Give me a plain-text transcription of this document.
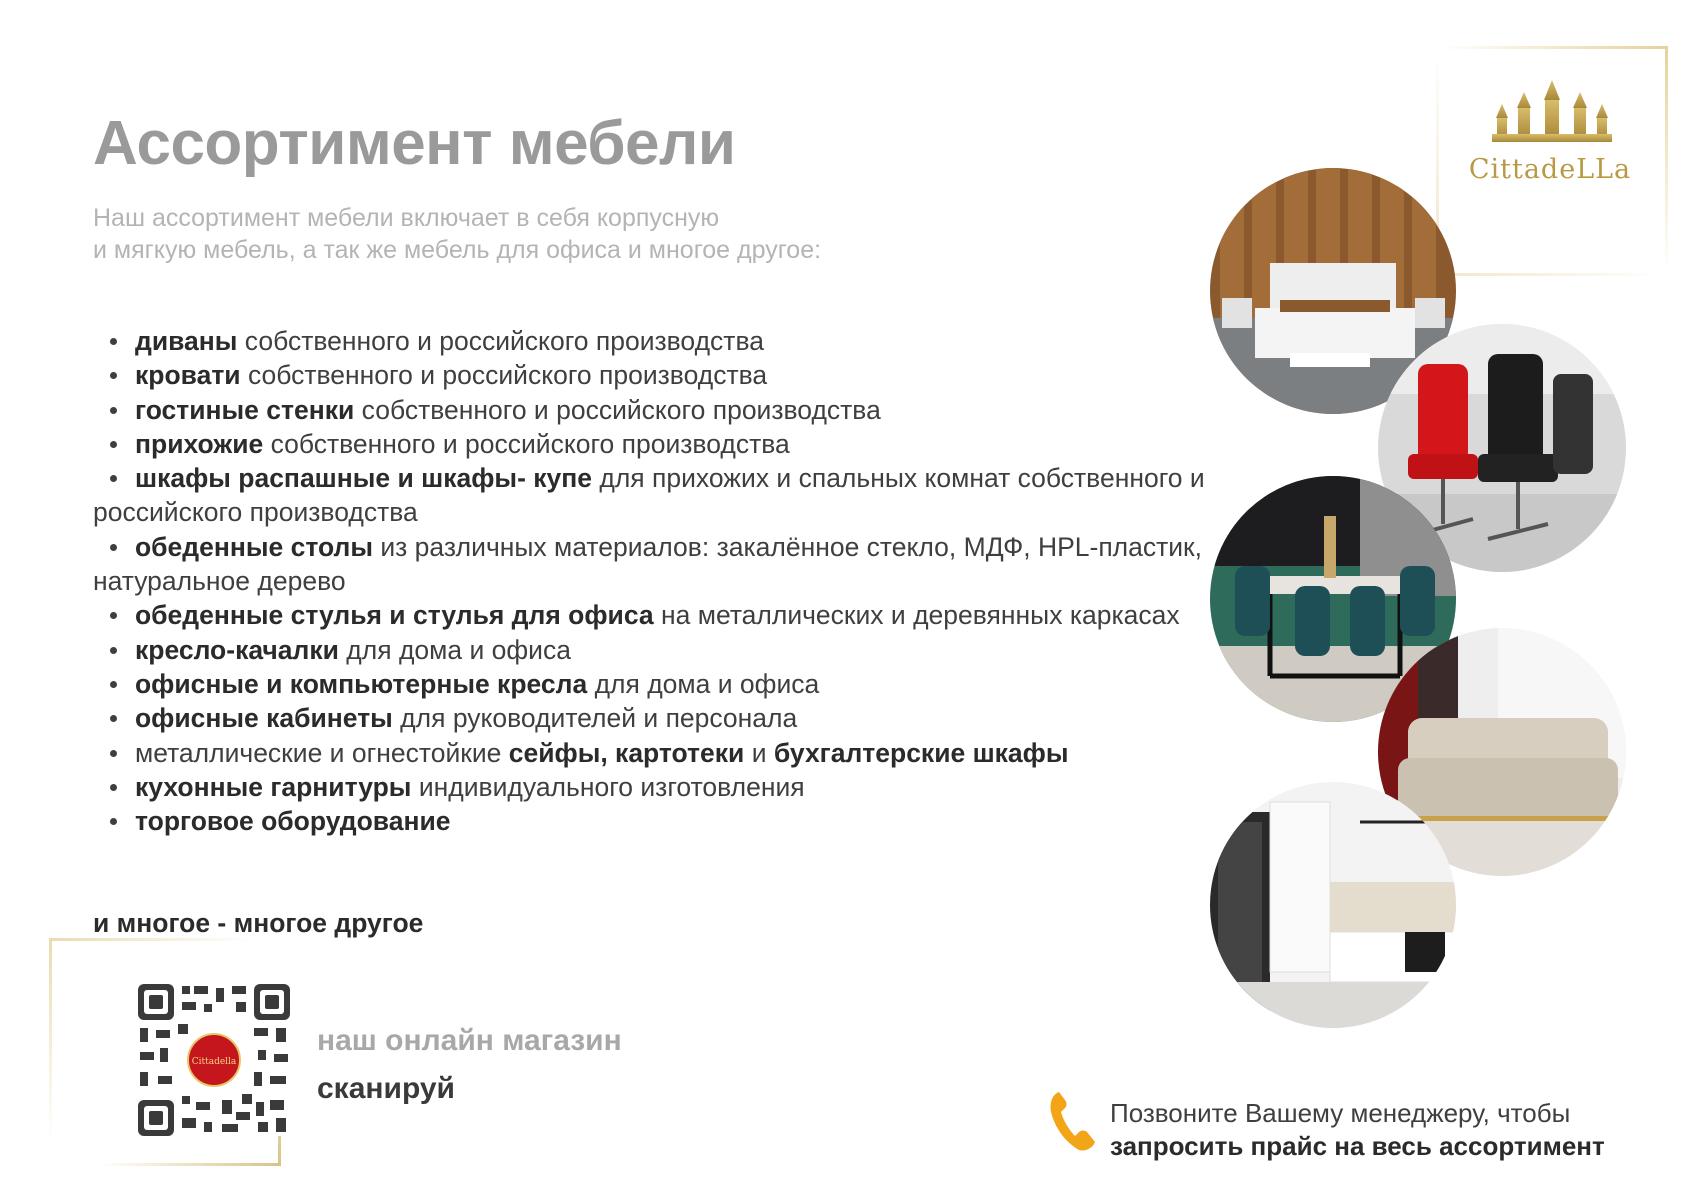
Ассортимент мебели
Наш ассортимент мебели включает в себя корпусную
и мягкую мебель, а так же мебель для офиса и многое другое:
диваны собственного и российского производства
кровати собственного и российского производства
гостиные стенки собственного и российского производства
прихожие собственного и российского производства
шкафы распашные и шкафы- купе для прихожих и спальных комнат собственного и российского производства
обеденные столы из различных материалов: закалённое стекло, МДФ, HPL-пластик, натуральное дерево
обеденные стулья и стулья для офиса на металлических и деревянных каркасах
кресло-качалки для дома и офиса
офисные и компьютерные кресла для дома и офиса
офисные кабинеты для руководителей и персонала
металлические и огнестойкие сейфы, картотеки и бухгалтерские шкафы
кухонные гарнитуры индивидуального изготовления
торговое оборудование
и многое - многое другое
CittadeLLa
Cittadella
наш онлайн магазин
сканируй
Позвоните Вашему менеджеру, чтобы
запросить прайс на весь ассортимент
